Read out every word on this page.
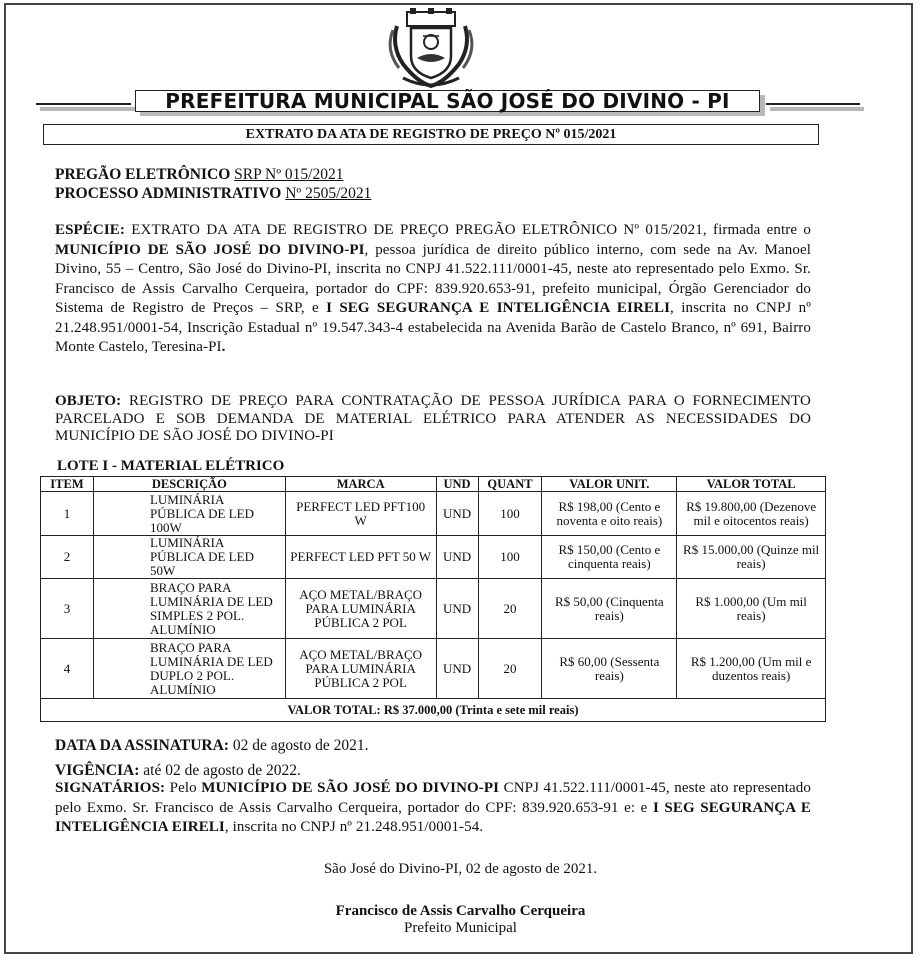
PREFEITURA MUNICIPAL SÃO JOSÉ DO DIVINO - PI
EXTRATO DA ATA DE REGISTRO DE PREÇO Nº 015/2021
PREGÃO ELETRÔNICO SRP Nº 015/2021
PROCESSO ADMINISTRATIVO Nº 2505/2021
ESPÉCIE: EXTRATO DA ATA DE REGISTRO DE PREÇO PREGÃO ELETRÔNICO Nº 015/2021, firmada entre o MUNICÍPIO DE SÃO JOSÉ DO DIVINO-PI, pessoa jurídica de direito público interno, com sede na Av. Manoel Divino, 55 – Centro, São José do Divino-PI, inscrita no CNPJ 41.522.111/0001-45, neste ato representado pelo Exmo. Sr. Francisco de Assis Carvalho Cerqueira, portador do CPF: 839.920.653-91, prefeito municipal, Órgão Gerenciador do Sistema de Registro de Preços – SRP, e I SEG SEGURANÇA E INTELIGÊNCIA EIRELI, inscrita no CNPJ nº 21.248.951/0001-54, Inscrição Estadual nº 19.547.343-4 estabelecida na Avenida Barão de Castelo Branco, nº 691, Bairro Monte Castelo, Teresina-PI.
OBJETO: REGISTRO DE PREÇO PARA CONTRATAÇÃO DE PESSOA JURÍDICA PARA O FORNECIMENTO PARCELADO E SOB DEMANDA DE MATERIAL ELÉTRICO PARA ATENDER AS NECESSIDADES DO MUNICÍPIO DE SÃO JOSÉ DO DIVINO-PI
LOTE I - MATERIAL ELÉTRICO
ITEM	DESCRIÇÃO	MARCA	UND	QUANT	VALOR UNIT.	VALOR TOTAL
1	LUMINÁRIA PÚBLICA DE LED 100W	PERFECT LED PFT100 W	UND	100	R$ 198,00 (Cento e noventa e oito reais)	R$ 19.800,00 (Dezenove mil e oitocentos reais)
2	LUMINÁRIA PÚBLICA DE LED 50W	PERFECT LED PFT 50 W	UND	100	R$ 150,00 (Cento e cinquenta reais)	R$ 15.000,00 (Quinze mil reais)
3	BRAÇO PARA LUMINÁRIA DE LED SIMPLES 2 POL. ALUMÍNIO	AÇO METAL/BRAÇO PARA LUMINÁRIA PÚBLICA 2 POL	UND	20	R$ 50,00 (Cinquenta reais)	R$ 1.000,00 (Um mil reais)
4	BRAÇO PARA LUMINÁRIA DE LED DUPLO 2 POL. ALUMÍNIO	AÇO METAL/BRAÇO PARA LUMINÁRIA PÚBLICA 2 POL	UND	20	R$ 60,00 (Sessenta reais)	R$ 1.200,00 (Um mil e duzentos reais)
VALOR TOTAL: R$ 37.000,00 (Trinta e sete mil reais)						
DATA DA ASSINATURA: 02 de agosto de 2021.
VIGÊNCIA: até 02 de agosto de 2022.
SIGNATÁRIOS: Pelo MUNICÍPIO DE SÃO JOSÉ DO DIVINO-PI CNPJ 41.522.111/0001-45, neste ato representado pelo Exmo. Sr. Francisco de Assis Carvalho Cerqueira, portador do CPF: 839.920.653-91 e: e I SEG SEGURANÇA E INTELIGÊNCIA EIRELI, inscrita no CNPJ nº 21.248.951/0001-54.
São José do Divino-PI, 02 de agosto de 2021.
Francisco de Assis Carvalho Cerqueira
Prefeito Municipal
